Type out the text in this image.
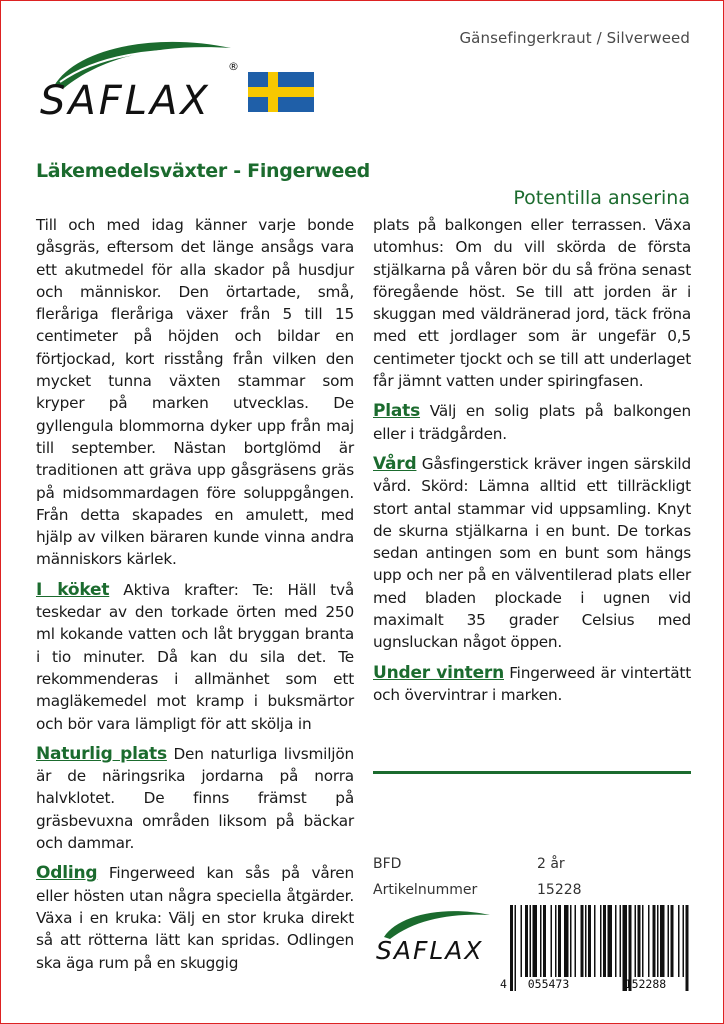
Gänsefingerkraut / Silverweed
SAFLAX
®
Läkemedelsväxter - Fingerweed
Potentilla anserina

Till och med idag känner varje bonde gåsgräs, eftersom det länge ansågs vara ett akutmedel för alla skador på husdjur och människor. Den örtartade, små, fleråriga fleråriga växer från 5 till 15 centimeter på höjden och bildar en förtjockad, kort risstång från vilken den mycket tunna växten stammar som kryper på marken utvecklas. De gyllengula blommorna dyker upp från maj till september. Nästan bortglömd är traditionen att gräva upp gåsgräsens gräs på midsommardagen före soluppgången. Från detta skapades en amulett, med hjälp av vilken bäraren kunde vinna andra människors kärlek.

I köket Aktiva krafter: Te: Häll två teskedar av den torkade örten med 250 ml kokande vatten och låt bryggan branta i tio minuter. Då kan du sila det. Te rekommenderas i allmänhet som ett magläkemedel mot kramp i buksmärtor och bör vara lämpligt för att skölja in

Naturlig plats Den naturliga livsmiljön är de näringsrika jordarna på norra halvklotet. De finns främst på gräsbevuxna områden liksom på bäckar och dammar.

Odling Fingerweed kan sås på våren eller hösten utan några speciella åtgärder. Växa i en kruka: Välj en stor kruka direkt så att rötterna lätt kan spridas. Odlingen ska äga rum på en skuggig

plats på balkongen eller terrassen. Växa utomhus: Om du vill skörda de första stjälkarna på våren bör du så fröna senast föregående höst. Se till att jorden är i skuggan med väldränerad jord, täck fröna med ett jordlager som är ungefär 0,5 centimeter tjockt och se till att underlaget får jämnt vatten under spiringfasen.

Plats Välj en solig plats på balkongen eller i trädgården.

Vård Gåsfingerstick kräver ingen särskild vård. Skörd: Lämna alltid ett tillräckligt stort antal stammar vid uppsamling. Knyt de skurna stjälkarna i en bunt. De torkas sedan antingen som en bunt som hängs upp och ner på en välventilerad plats eller med bladen plockade i ugnen vid maximalt 35 grader Celsius med ugnsluckan något öppen.

Under vintern Fingerweed är vintertätt och övervintrar i marken.

BFD	2 år
Artikelnummer	15228
SAFLAX
4 055473	152288
